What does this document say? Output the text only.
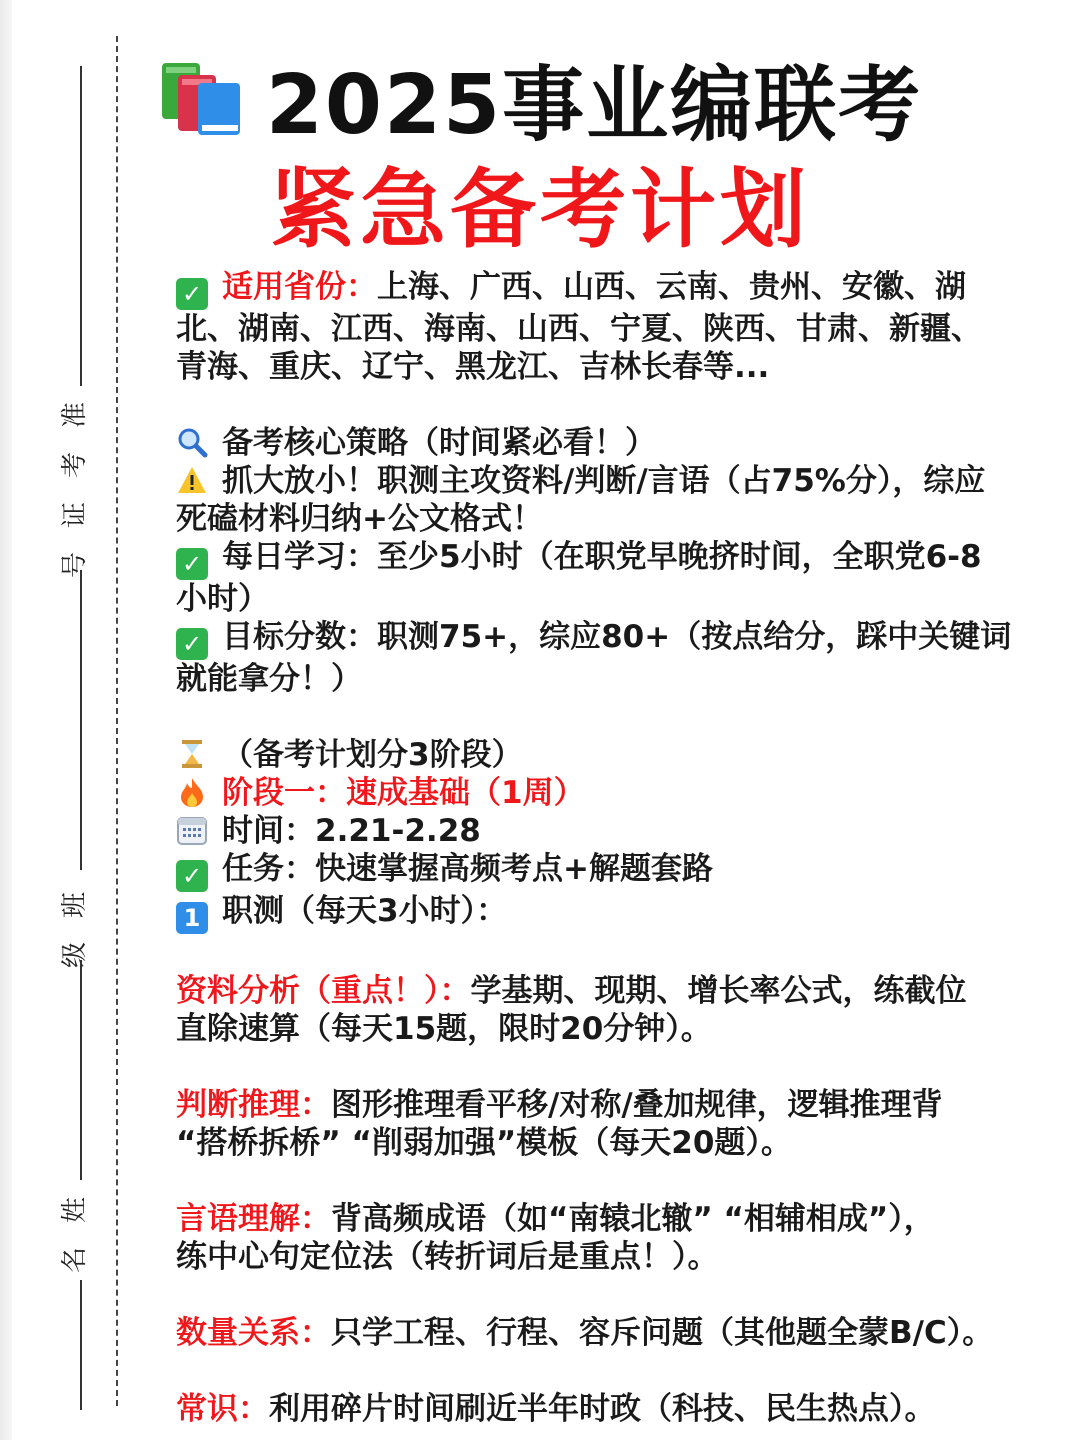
准
考
证
号
班
级
姓
名
2025事业编联考
紧急备考计划

✓ 适用省份：上海、广西、山西、云南、贵州、安徽、湖

北、湖南、江西、海南、山西、宁夏、陕西、甘肃、新疆、

青海、重庆、辽宁、黑龙江、吉林长春等...

备考核心策略（时间紧必看！）

抓大放小！职测主攻资料/判断/言语（占75%分），综应

死磕材料归纳+公文格式！

✓ 每日学习：至少5小时（在职党早晚挤时间，全职党6-8

小时）

✓ 目标分数：职测75+，综应80+（按点给分，踩中关键词

就能拿分！）

（备考计划分3阶段）

阶段一：速成基础（1周）

时间：2.21-2.28

✓ 任务：快速掌握高频考点+解题套路

1 职测（每天3小时）：

资料分析（重点！）：学基期、现期、增长率公式，练截位

直除速算（每天15题，限时20分钟）。

判断推理：图形推理看平移/对称/叠加规律，逻辑推理背

“搭桥拆桥” “削弱加强”模板（每天20题）。

言语理解：背高频成语（如“南辕北辙” “相辅相成”），

练中心句定位法（转折词后是重点！）。

数量关系：只学工程、行程、容斥问题（其他题全蒙B/C）。

常识：利用碎片时间刷近半年时政（科技、民生热点）。
